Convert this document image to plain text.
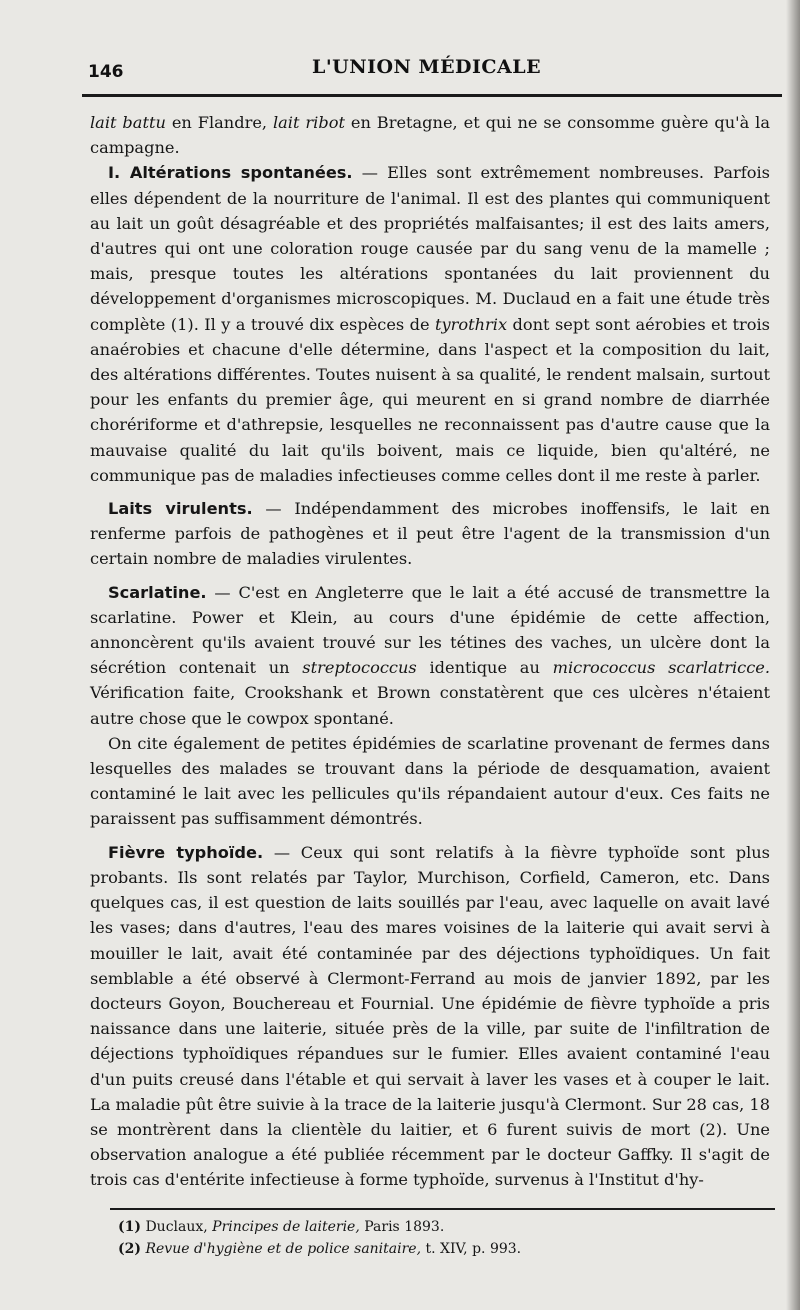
146	L'UNION MÉDICALE

lait battu en Flandre, lait ribot en Bretagne, et qui ne se consomme guère qu'à la campagne.

I. Altérations spontanées. — Elles sont extrêmement nombreuses. Parfois elles dépendent de la nourriture de l'animal. Il est des plantes qui communiquent au lait un goût désagréable et des propriétés malfaisantes; il est des laits amers, d'autres qui ont une coloration rouge causée par du sang venu de la mamelle ; mais, presque toutes les altérations spontanées du lait proviennent du développement d'organismes microscopiques. M. Duclaud en a fait une étude très complète (1). Il y a trouvé dix espèces de tyrothrix dont sept sont aérobies et trois anaérobies et chacune d'elle détermine, dans l'aspect et la composition du lait, des altérations différentes. Toutes nuisent à sa qualité, le rendent malsain, surtout pour les enfants du premier âge, qui meurent en si grand nombre de diarrhée chorériforme et d'athrepsie, lesquelles ne reconnaissent pas d'autre cause que la mauvaise qualité du lait qu'ils boivent, mais ce liquide, bien qu'altéré, ne communique pas de maladies infectieuses comme celles dont il me reste à parler.

Laits virulents. — Indépendamment des microbes inoffensifs, le lait en renferme parfois de pathogènes et il peut être l'agent de la transmission d'un certain nombre de maladies virulentes.

Scarlatine. — C'est en Angleterre que le lait a été accusé de transmettre la scarlatine. Power et Klein, au cours d'une épidémie de cette affection, annoncèrent qu'ils avaient trouvé sur les tétines des vaches, un ulcère dont la sécrétion contenait un streptococcus identique au micrococcus scarlatricce. Vérification faite, Crookshank et Brown constatèrent que ces ulcères n'étaient autre chose que le cowpox spontané.

On cite également de petites épidémies de scarlatine provenant de fermes dans lesquelles des malades se trouvant dans la période de desquamation, avaient contaminé le lait avec les pellicules qu'ils répandaient autour d'eux. Ces faits ne paraissent pas suffisamment démontrés.

Fièvre typhoïde. — Ceux qui sont relatifs à la fièvre typhoïde sont plus probants. Ils sont relatés par Taylor, Murchison, Corfield, Cameron, etc. Dans quelques cas, il est question de laits souillés par l'eau, avec laquelle on avait lavé les vases; dans d'autres, l'eau des mares voisines de la laiterie qui avait servi à mouiller le lait, avait été contaminée par des déjections typhoïdiques. Un fait semblable a été observé à Clermont-Ferrand au mois de janvier 1892, par les docteurs Goyon, Bouchereau et Fournial. Une épidémie de fièvre typhoïde a pris naissance dans une laiterie, située près de la ville, par suite de l'infiltration de déjections typhoïdiques répandues sur le fumier. Elles avaient contaminé l'eau d'un puits creusé dans l'étable et qui servait à laver les vases et à couper le lait. La maladie pût être suivie à la trace de la laiterie jusqu'à Clermont. Sur 28 cas, 18 se montrèrent dans la clientèle du laitier, et 6 furent suivis de mort (2). Une observation analogue a été publiée récemment par le docteur Gaffky. Il s'agit de trois cas d'entérite infectieuse à forme typhoïde, survenus à l'Institut d'hy-

(1) Duclaux, Principes de laiterie, Paris 1893.

(2) Revue d'hygiène et de police sanitaire, t. XIV, p. 993.
